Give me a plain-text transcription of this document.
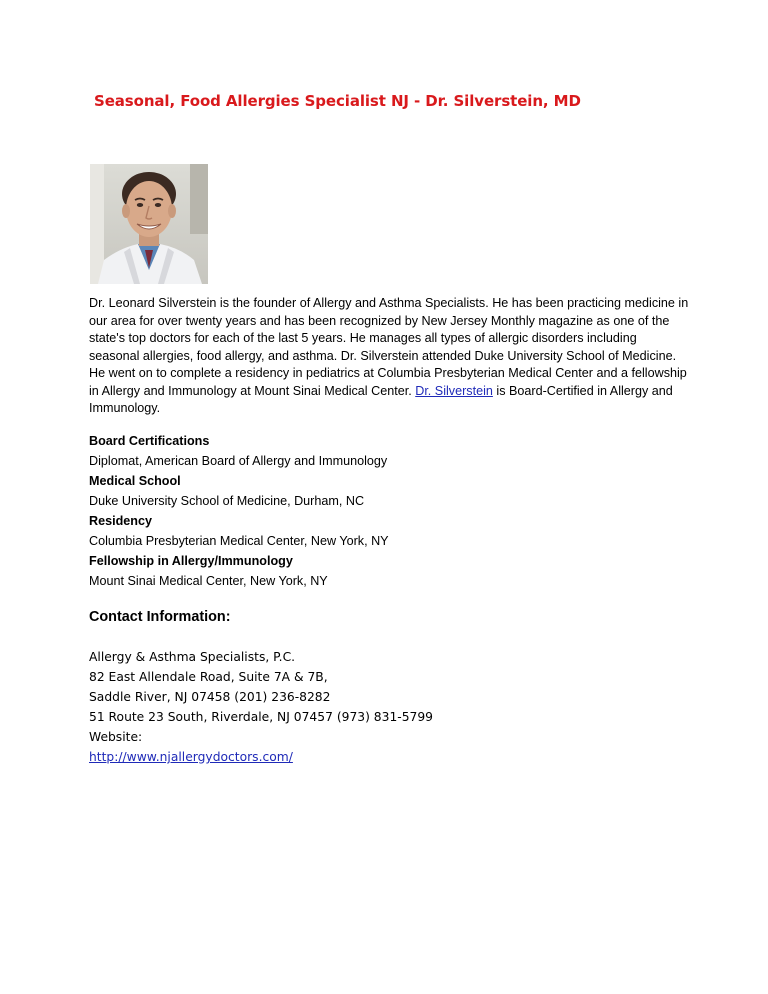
Seasonal, Food Allergies Specialist NJ - Dr. Silverstein, MD

Dr. Leonard Silverstein is the founder of Allergy and Asthma Specialists. He has been practicing medicine in our area for over twenty years and has been recognized by New Jersey Monthly magazine as one of the state's top doctors for each of the last 5 years. He manages all types of allergic disorders including seasonal allergies, food allergy, and asthma. Dr. Silverstein attended Duke University School of Medicine. He went on to complete a residency in pediatrics at Columbia Presbyterian Medical Center and a fellowship in Allergy and Immunology at Mount Sinai Medical Center. Dr. Silverstein is Board-Certified in Allergy and Immunology.

Board Certifications
Diplomat, American Board of Allergy and Immunology
Medical School
Duke University School of Medicine, Durham, NC
Residency
Columbia Presbyterian Medical Center, New York, NY
Fellowship in Allergy/Immunology
Mount Sinai Medical Center, New York, NY
Contact Information:
Allergy & Asthma Specialists, P.C.
82 East Allendale Road, Suite 7A & 7B,
Saddle River, NJ 07458 (201) 236-8282
51 Route 23 South, Riverdale, NJ 07457 (973) 831-5799
Website:
http://www.njallergydoctors.com/
